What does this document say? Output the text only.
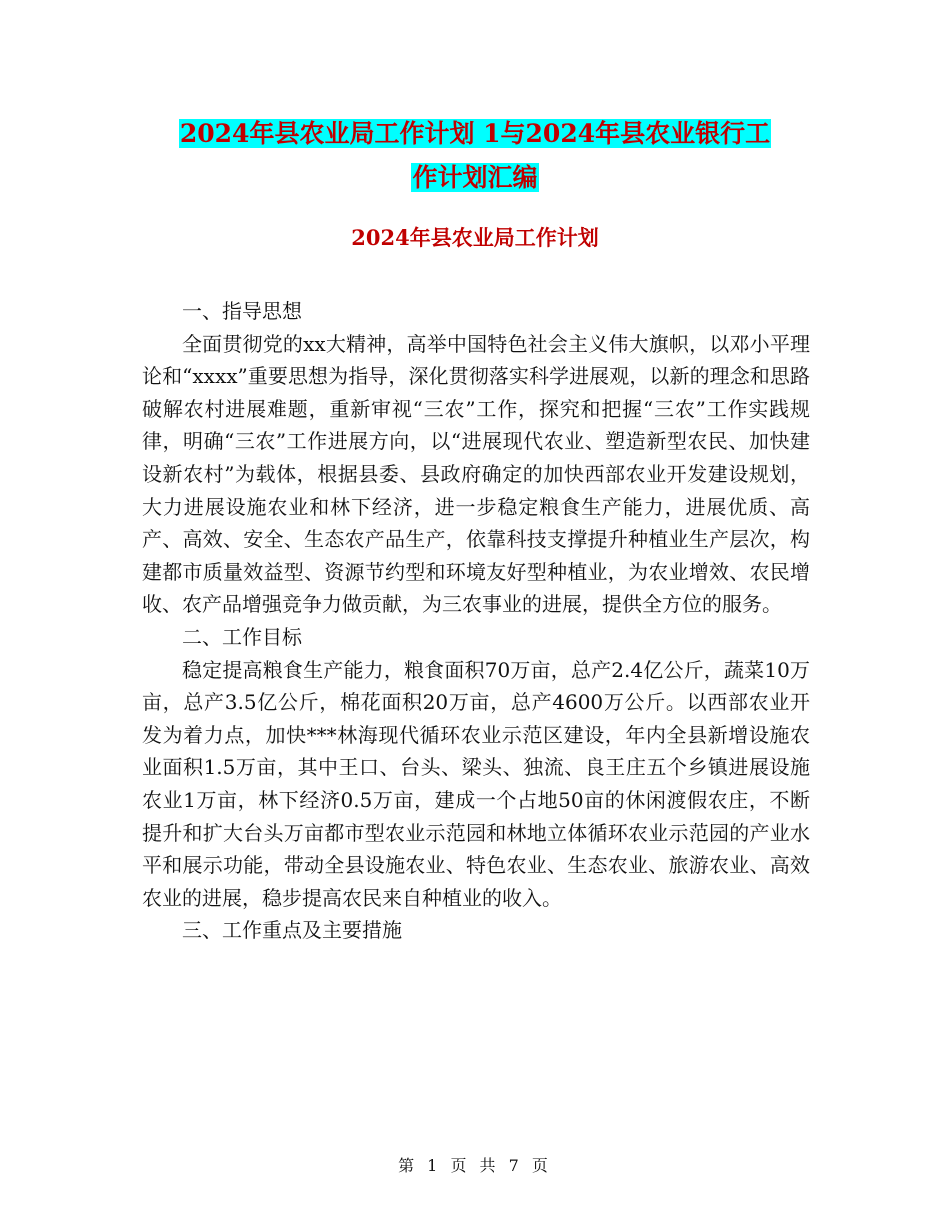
2024年县农业局工作计划 1与2024年县农业银行工
作计划汇编
2024年县农业局工作计划

一、指导思想

全面贯彻党的xx大精神，高举中国特色社会主义伟大旗帜，以邓小平理论和“xxxx”重要思想为指导，深化贯彻落实科学进展观，以新的理念和思路破解农村进展难题，重新审视“三农”工作，探究和把握“三农”工作实践规律，明确“三农”工作进展方向，以“进展现代农业、塑造新型农民、加快建设新农村”为载体，根据县委、县政府确定的加快西部农业开发建设规划，大力进展设施农业和林下经济，进一步稳定粮食生产能力，进展优质、高产、高效、安全、生态农产品生产，依靠科技支撑提升种植业生产层次，构建都市质量效益型、资源节约型和环境友好型种植业，为农业增效、农民增收、农产品增强竞争力做贡献，为三农事业的进展，提供全方位的服务。

二、工作目标

稳定提高粮食生产能力，粮食面积70万亩，总产2.4亿公斤，蔬菜10万亩，总产3.5亿公斤，棉花面积20万亩，总产4600万公斤。以西部农业开发为着力点，加快***林海现代循环农业示范区建设，年内全县新增设施农业面积1.5万亩，其中王口、台头、梁头、独流、良王庄五个乡镇进展设施农业1万亩，林下经济0.5万亩，建成一个占地50亩的休闲渡假农庄，不断提升和扩大台头万亩都市型农业示范园和林地立体循环农业示范园的产业水平和展示功能，带动全县设施农业、特色农业、生态农业、旅游农业、高效农业的进展，稳步提高农民来自种植业的收入。

三、工作重点及主要措施

第 1 页 共 7 页
